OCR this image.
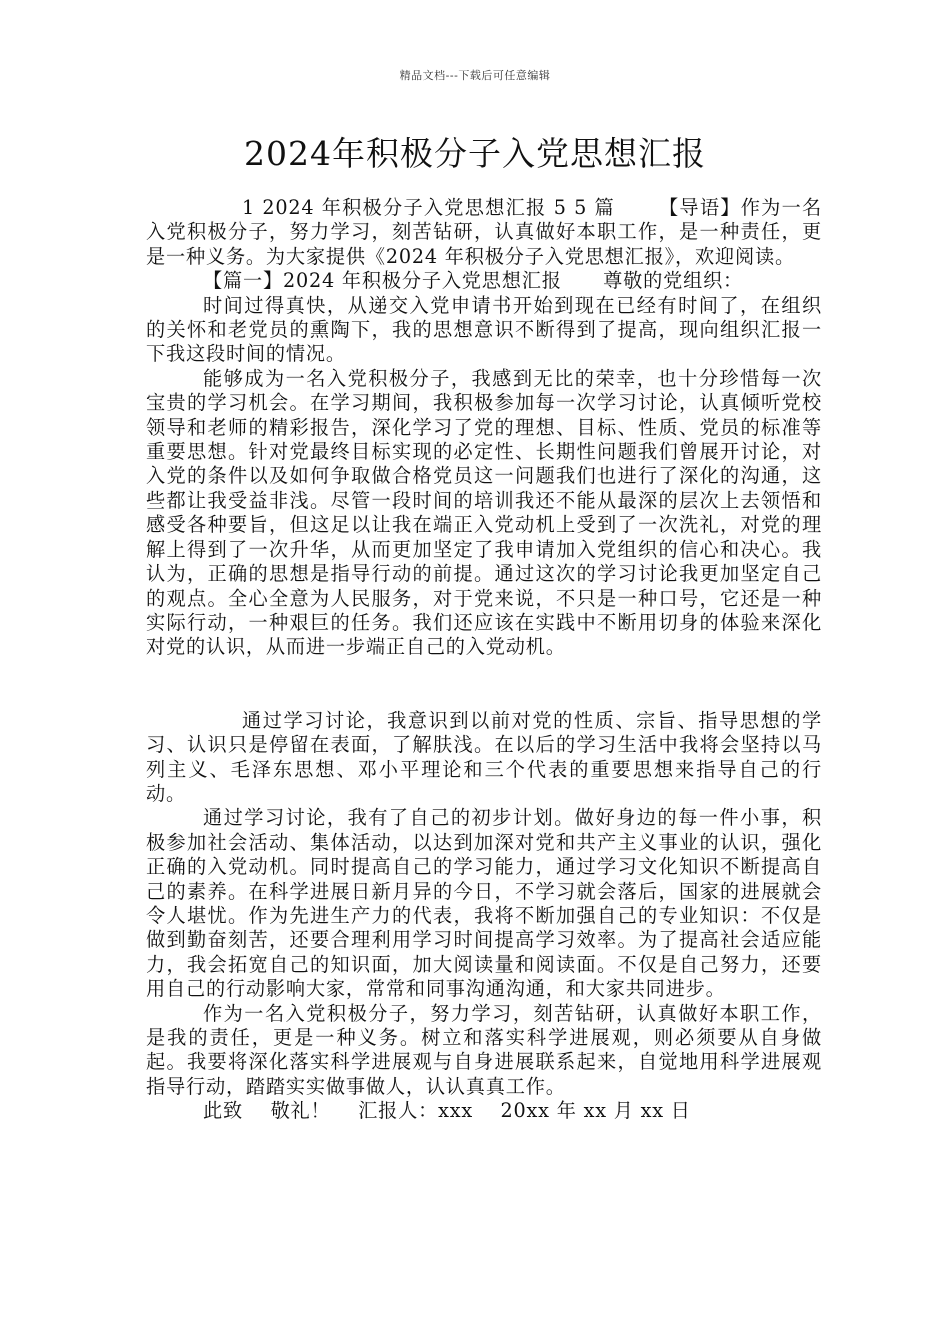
精品文档---下载后可任意编辑
2024年积极分子入党思想汇报

1 2024 年积极分子入党思想汇报 5 5 篇      【导语】作为一名入党积极分子，努力学习，刻苦钻研，认真做好本职工作，是一种责任，更是一种义务。为大家提供《2024 年积极分子入党思想汇报》，欢迎阅读。

【篇一】2024 年积极分子入党思想汇报      尊敬的党组织：

时间过得真快，从递交入党申请书开始到现在已经有时间了，在组织的关怀和老党员的熏陶下，我的思想意识不断得到了提高，现向组织汇报一下我这段时间的情况。

能够成为一名入党积极分子，我感到无比的荣幸，也十分珍惜每一次宝贵的学习机会。在学习期间，我积极参加每一次学习讨论，认真倾听党校领导和老师的精彩报告，深化学习了党的理想、目标、性质、党员的标准等重要思想。针对党最终目标实现的必定性、长期性问题我们曾展开讨论，对入党的条件以及如何争取做合格党员这一问题我们也进行了深化的沟通，这些都让我受益非浅。尽管一段时间的培训我还不能从最深的层次上去领悟和感受各种要旨，但这足以让我在端正入党动机上受到了一次洗礼，对党的理解上得到了一次升华，从而更加坚定了我申请加入党组织的信心和决心。我认为，正确的思想是指导行动的前提。通过这次的学习讨论我更加坚定自己的观点。全心全意为人民服务，对于党来说，不只是一种口号，它还是一种实际行动，一种艰巨的任务。我们还应该在实践中不断用切身的体验来深化对党的认识，从而进一步端正自己的入党动机。

通过学习讨论，我意识到以前对党的性质、宗旨、指导思想的学习、认识只是停留在表面，了解肤浅。在以后的学习生活中我将会坚持以马列主义、毛泽东思想、邓小平理论和三个代表的重要思想来指导自己的行动。

通过学习讨论，我有了自己的初步计划。做好身边的每一件小事，积极参加社会活动、集体活动，以达到加深对党和共产主义事业的认识，强化正确的入党动机。同时提高自己的学习能力，通过学习文化知识不断提高自己的素养。在科学进展日新月异的今日，不学习就会落后，国家的进展就会令人堪忧。作为先进生产力的代表，我将不断加强自己的专业知识：不仅是做到勤奋刻苦，还要合理利用学习时间提高学习效率。为了提高社会适应能力，我会拓宽自己的知识面，加大阅读量和阅读面。不仅是自己努力，还要用自己的行动影响大家，常常和同事沟通沟通，和大家共同进步。

作为一名入党积极分子，努力学习，刻苦钻研，认真做好本职工作，是我的责任，更是一种义务。树立和落实科学进展观，则必须要从自身做起。我要将深化落实科学进展观与自身进展联系起来，自觉地用科学进展观指导行动，踏踏实实做事做人，认认真真工作。

此致    敬礼！    汇报人：xxx    20xx 年 xx 月 xx 日
